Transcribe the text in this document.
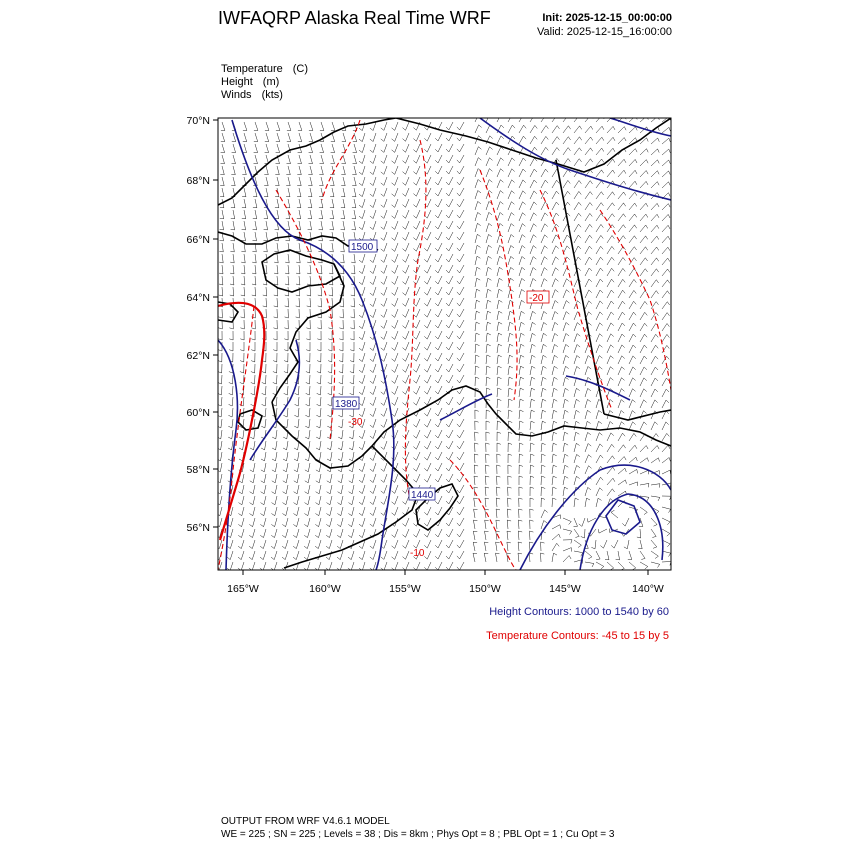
IWFAQRP Alaska Real Time WRF	Init: 2025-12-15_00:00:00
Valid: 2025-12-15_16:00:00
Temperature (C)
Height (m)
Winds (kts)
70°N
68°N
66°N
64°N
62°N
60°N
58°N
56°N
165°W	160°W	155°W	150°W	145°W	140°W
1500
1380
1440
-20
-30
-10
Height Contours: 1000 to 1540 by 60
Temperature Contours: -45 to 15 by 5
OUTPUT FROM WRF V4.6.1 MODEL
WE = 225 ; SN = 225 ; Levels = 38 ; Dis = 8km ; Phys Opt = 8 ; PBL Opt = 1 ; Cu Opt = 3
